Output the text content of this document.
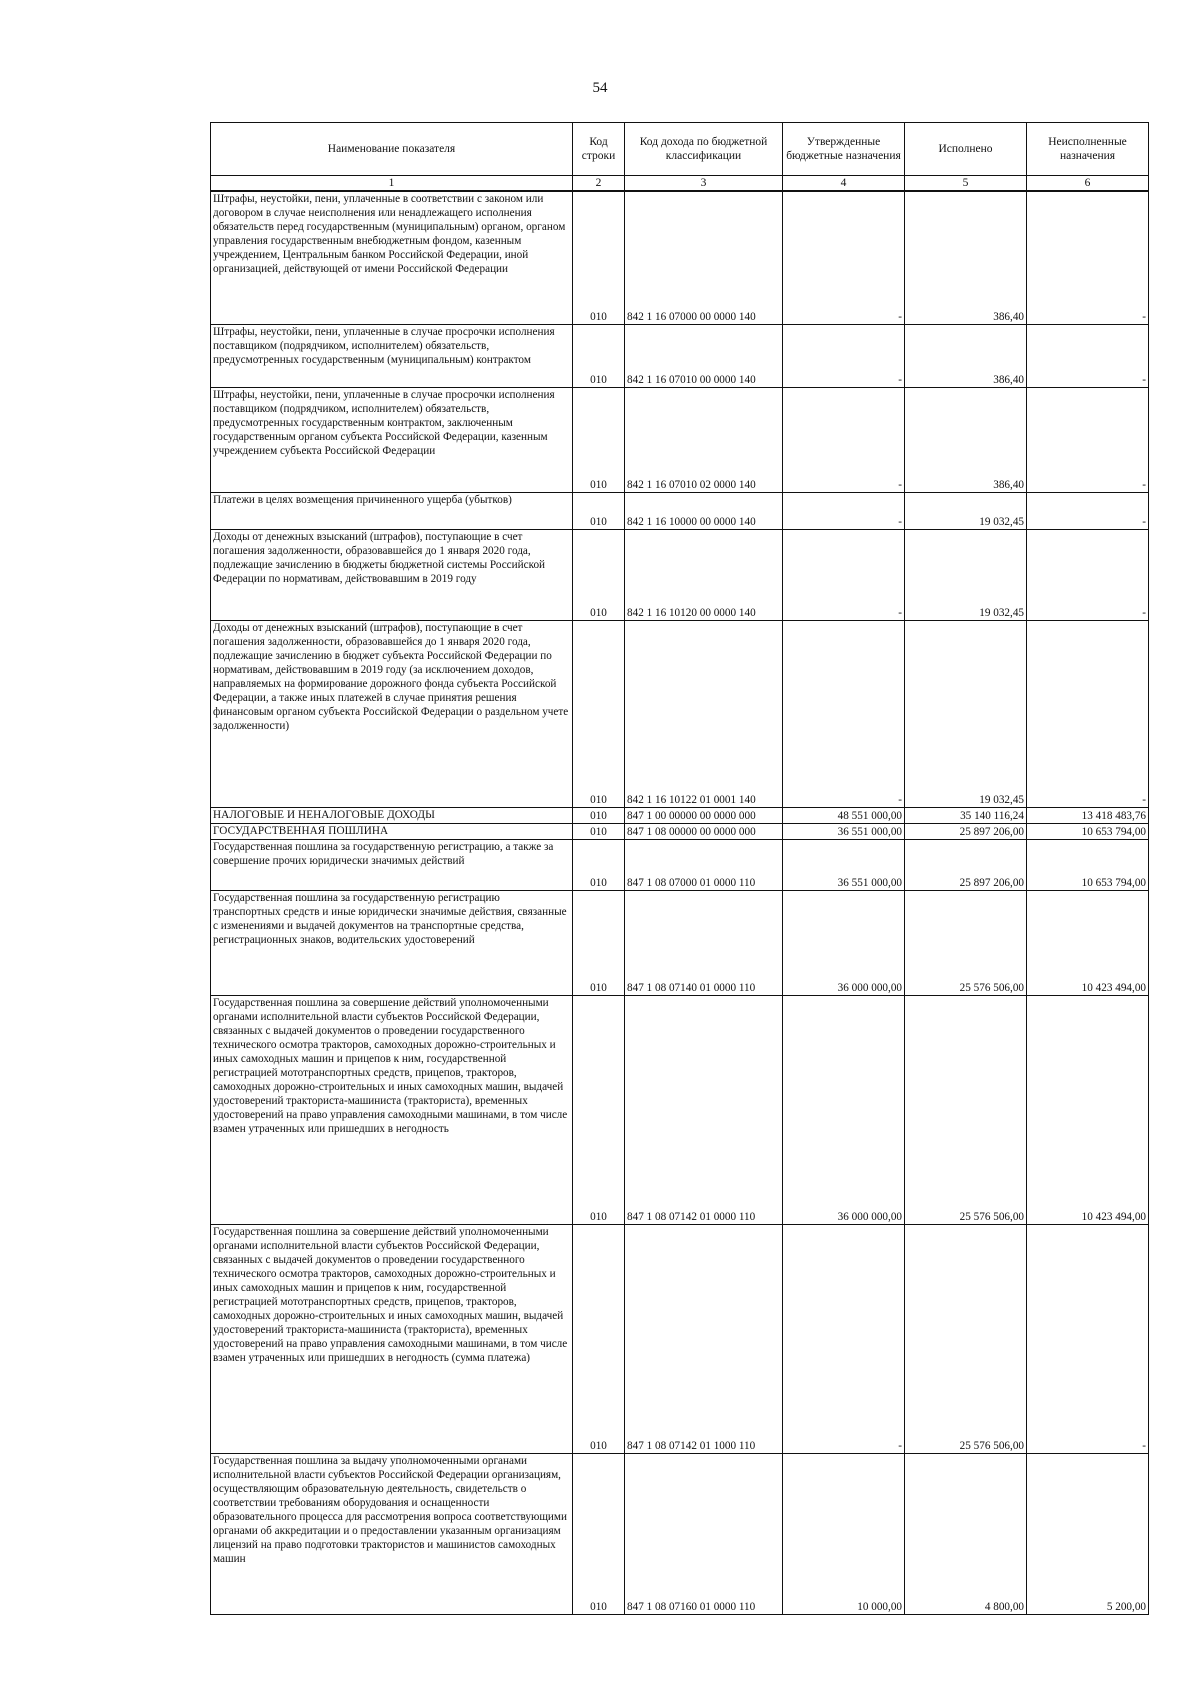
54
Наименование показателя	Код строки	Код дохода по бюджетной классификации	Утвержденные бюджетные назначения	Исполнено	Неисполненные назначения
1	2	3	4	5	6
Штрафы, неустойки, пени, уплаченные в соответствии с законом или договором в случае неисполнения или ненадлежащего исполнения обязательств перед государственным (муниципальным) органом, органом управления государственным внебюджетным фондом, казенным учреждением, Центральным банком Российской Федерации, иной организацией, действующей от имени Российской Федерации	010	842 1 16 07000 00 0000 140	-	386,40	-
Штрафы, неустойки, пени, уплаченные в случае просрочки исполнения поставщиком (подрядчиком, исполнителем) обязательств, предусмотренных государственным (муниципальным) контрактом	010	842 1 16 07010 00 0000 140	-	386,40	-
Штрафы, неустойки, пени, уплаченные в случае просрочки исполнения поставщиком (подрядчиком, исполнителем) обязательств, предусмотренных государственным контрактом, заключенным государственным органом субъекта Российской Федерации, казенным учреждением субъекта Российской Федерации	010	842 1 16 07010 02 0000 140	-	386,40	-
Платежи в целях возмещения причиненного ущерба (убытков)	010	842 1 16 10000 00 0000 140	-	19 032,45	-
Доходы от денежных взысканий (штрафов), поступающие в счет погашения задолженности, образовавшейся до 1 января 2020 года, подлежащие зачислению в бюджеты бюджетной системы Российской Федерации по нормативам, действовавшим в 2019 году	010	842 1 16 10120 00 0000 140	-	19 032,45	-
Доходы от денежных взысканий (штрафов), поступающие в счет погашения задолженности, образовавшейся до 1 января 2020 года, подлежащие зачислению в бюджет субъекта Российской Федерации по нормативам, действовавшим в 2019 году (за исключением доходов, направляемых на формирование дорожного фонда субъекта Российской Федерации, а также иных платежей в случае принятия решения финансовым органом субъекта Российской Федерации о раздельном учете задолженности)	010	842 1 16 10122 01 0001 140	-	19 032,45	-
НАЛОГОВЫЕ И НЕНАЛОГОВЫЕ ДОХОДЫ	010	847 1 00 00000 00 0000 000	48 551 000,00	35 140 116,24	13 418 483,76
ГОСУДАРСТВЕННАЯ ПОШЛИНА	010	847 1 08 00000 00 0000 000	36 551 000,00	25 897 206,00	10 653 794,00
Государственная пошлина за государственную регистрацию, а также за совершение прочих юридически значимых действий	010	847 1 08 07000 01 0000 110	36 551 000,00	25 897 206,00	10 653 794,00
Государственная пошлина за государственную регистрацию транспортных средств и иные юридически значимые действия, связанные с изменениями и выдачей документов на транспортные средства, регистрационных знаков, водительских удостоверений	010	847 1 08 07140 01 0000 110	36 000 000,00	25 576 506,00	10 423 494,00
Государственная пошлина за совершение действий уполномоченными органами исполнительной власти субъектов Российской Федерации, связанных с выдачей документов о проведении государственного технического осмотра тракторов, самоходных дорожно-строительных и иных самоходных машин и прицепов к ним, государственной регистрацией мототранспортных средств, прицепов, тракторов, самоходных дорожно-строительных и иных самоходных машин, выдачей удостоверений тракториста-машиниста (тракториста), временных удостоверений на право управления самоходными машинами, в том числе взамен утраченных или пришедших в негодность	010	847 1 08 07142 01 0000 110	36 000 000,00	25 576 506,00	10 423 494,00
Государственная пошлина за совершение действий уполномоченными органами исполнительной власти субъектов Российской Федерации, связанных с выдачей документов о проведении государственного технического осмотра тракторов, самоходных дорожно-строительных и иных самоходных машин и прицепов к ним, государственной регистрацией мототранспортных средств, прицепов, тракторов, самоходных дорожно-строительных и иных самоходных машин, выдачей удостоверений тракториста-машиниста (тракториста), временных удостоверений на право управления самоходными машинами, в том числе взамен утраченных или пришедших в негодность (сумма платежа)	010	847 1 08 07142 01 1000 110	-	25 576 506,00	-
Государственная пошлина за выдачу уполномоченными органами исполнительной власти субъектов Российской Федерации организациям, осуществляющим образовательную деятельность, свидетельств о соответствии требованиям оборудования и оснащенности образовательного процесса для рассмотрения вопроса соответствующими органами об аккредитации и о предоставлении указанным организациям лицензий на право подготовки трактористов и машинистов самоходных машин	010	847 1 08 07160 01 0000 110	10 000,00	4 800,00	5 200,00
